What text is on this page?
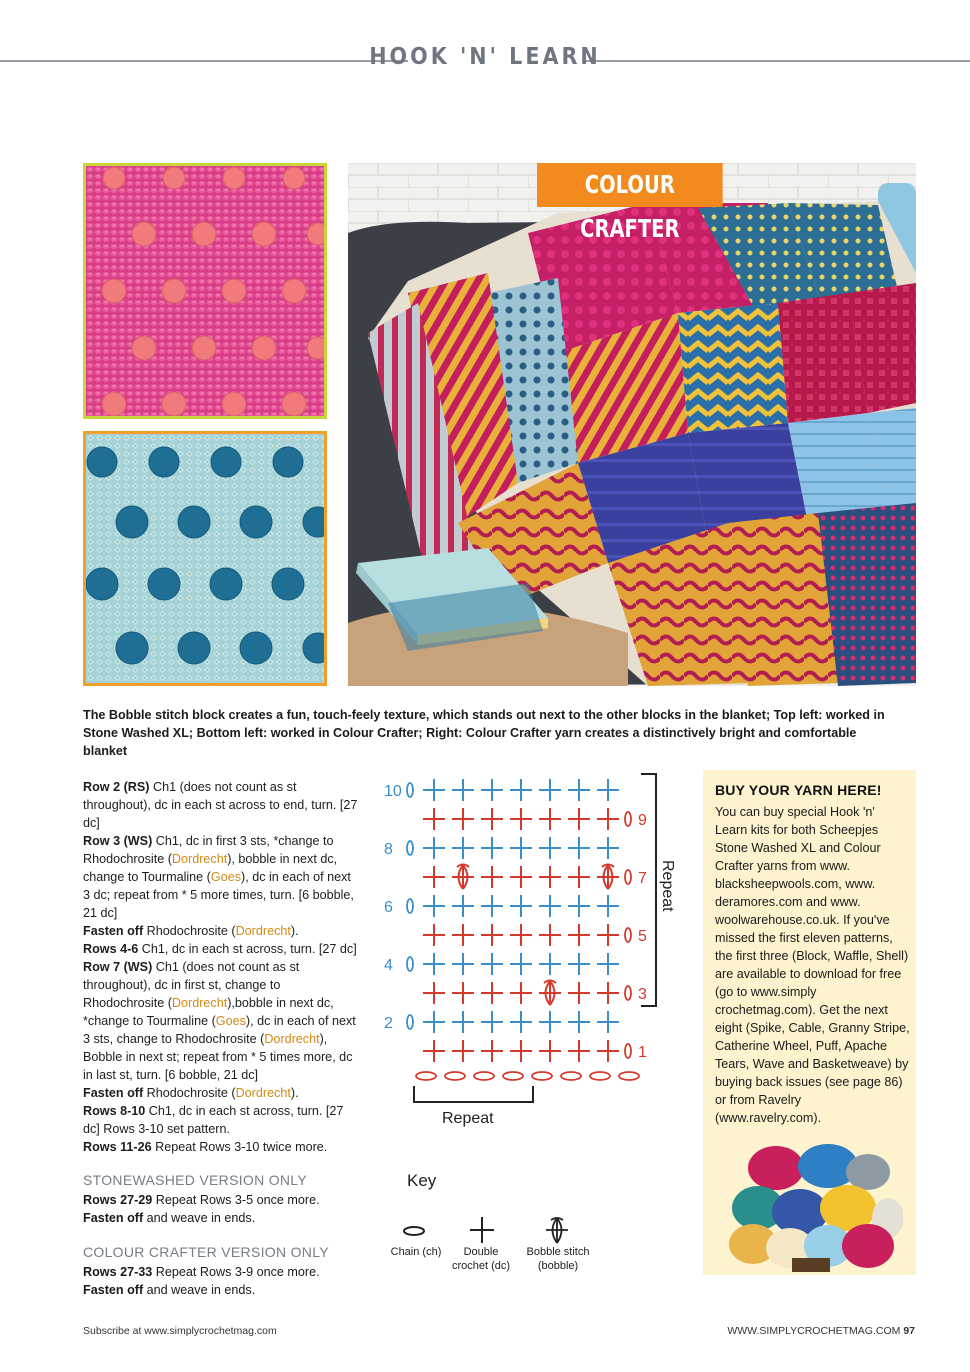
HOOK 'N' LEARN
COLOUR CRAFTER
The Bobble stitch block creates a fun, touch-feely texture, which stands out next to the other blocks in the blanket; Top left: worked in Stone Washed XL; Bottom left: worked in Colour Crafter; Right: Colour Crafter yarn creates a distinctively bright and comfortable blanket

Row 2 (RS) Ch1 (does not count as st throughout), dc in each st across to end, turn. [27 dc]

Row 3 (WS) Ch1, dc in first 3 sts, *change to Rhodochrosite (Dordrecht), bobble in next dc, change to Tourmaline (Goes), dc in each of next 3 dc; repeat from * 5 more times, turn. [6 bobble, 21 dc]

Fasten off Rhodochrosite (Dordrecht).

Rows 4-6 Ch1, dc in each st across, turn. [27 dc]

Row 7 (WS) Ch1 (does not count as st throughout), dc in first st, change to Rhodochrosite (Dordrecht),bobble in next dc, *change to Tourmaline (Goes), dc in each of next 3 sts, change to Rhodochrosite (Dordrecht), Bobble in next st; repeat from * 5 times more, dc in last st, turn. [6 bobble, 21 dc]

Fasten off Rhodochrosite (Dordrecht).

Rows 8-10 Ch1, dc in each st across, turn. [27 dc] Rows 3-10 set pattern.

Rows 11-26 Repeat Rows 3-10 twice more.

STONEWASHED VERSION ONLY
Rows 27-29 Repeat Rows 3-5 once more.
Fasten off and weave in ends.
COLOUR CRAFTER VERSION ONLY
Rows 27-33 Repeat Rows 3-9 once more.
Fasten off and weave in ends.
10
8
6
4
2
9
7
5
3
1
Repeat
Repeat
Key
Chain (ch)	Double crochet (dc)
Bobble stitch (bobble)
BUY YOUR YARN HERE!
You can buy special Hook 'n' Learn kits for both Scheepjes Stone Washed XL and Colour Crafter yarns from www. blacksheepwools.com, www. deramores.com and www. woolwarehouse.co.uk. If you've missed the first eleven patterns, the first three (Block, Waffle, Shell) are available to download for free (go to www.simply crochetmag.com). Get the next eight (Spike, Cable, Granny Stripe, Catherine Wheel, Puff, Apache Tears, Wave and Basketweave) by buying back issues (see page 86) or from Ravelry (www.ravelry.com).
Subscribe at www.simplycrochetmag.com	WWW.SIMPLYCROCHETMAG.COM 97
